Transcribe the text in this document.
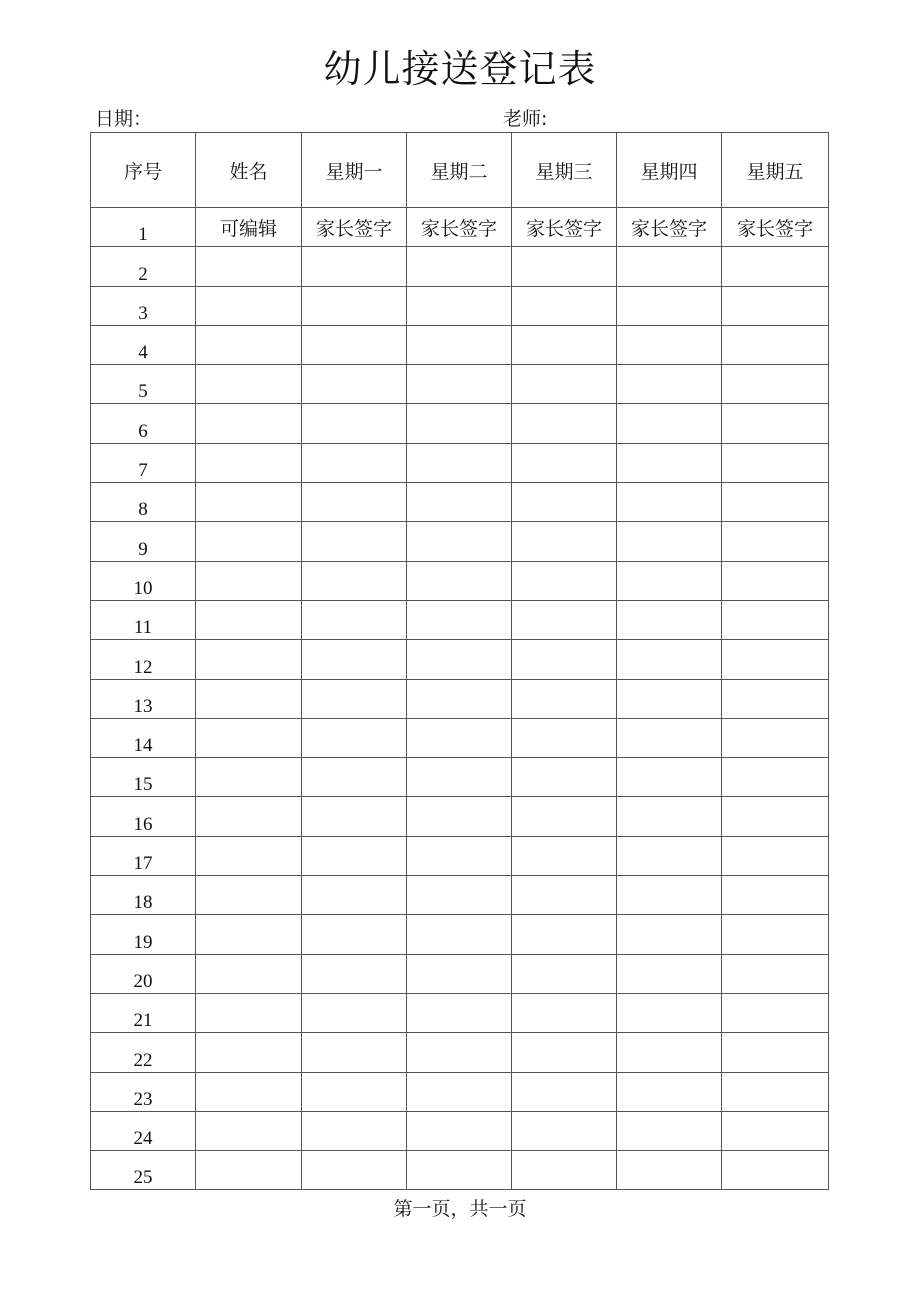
幼儿接送登记表
日期：	老师:
序号	姓名	星期一	星期二	星期三	星期四	星期五
1	可编辑	家长签字	家长签字	家长签字	家长签字	家长签字
2						
3						
4						
5						
6						
7						
8						
9						
10						
11						
12						
13						
14						
15						
16						
17						
18						
19						
20						
21						
22						
23						
24						
25						
第一页，共一页
